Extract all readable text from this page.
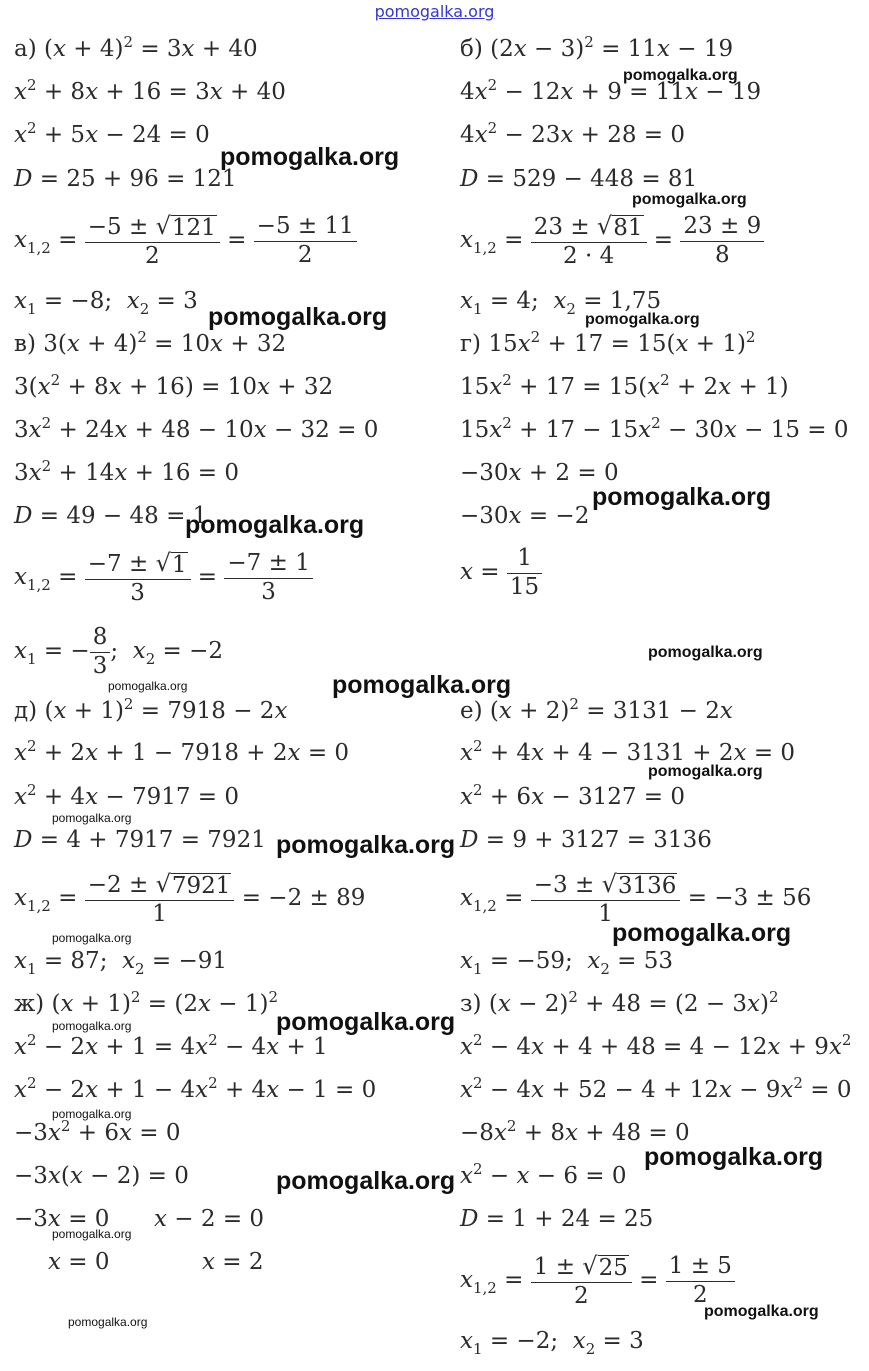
pomogalka.org
а) $(x + 4)^2 = 3x + 40$
$x^2 + 8x + 16 = 3x + 40$
$x^2 + 5x - 24 = 0$
D = 25 + 96 = 121
$x_{1,2} = \frac{-5 \pm √ 121}{2} = \frac{-5 \pm 11}{2}$
$x_1 = -8$;  $x_2 = 3$
б) $(2x - 3)^2 = 11x - 19$
$4x^2 - 12x + 9 = 11x - 19$
$4x^2 - 23x + 28 = 0$
D = 529 − 448 = 81
$x_{1,2} = \frac{23 \pm √ 81}{2 \cdot 4} = \frac{23 \pm 9}{8}$
$x_1 = 4$;  $x_2 = 1,75$
в) $3(x + 4)^2 = 10x + 32$
$3(x^2 + 8x + 16) = 10x + 32$
$3x^2 + 24x + 48 - 10x - 32 = 0$
$3x^2 + 14x + 16 = 0$
D = 49 − 48 = 1
$x_{1,2} = \frac{-7 \pm √ 1}{3} = \frac{-7 \pm 1}{3}$
$x_1$ = − $\frac{8}{3}$ ;  $x_2 = -2$
г) $15x^2 + 17 = 15(x + 1)^2$
$15x^2 + 17 = 15(x^2 + 2x + 1)$
$15x^2 + 17 - 15x^2 - 30x - 15 = 0$
−30x + 2 = 0
−30x = −2
$x = \frac{1}{15}$
д) $(x + 1)^2 = 7918 - 2x$
$x^2 + 2x + 1 - 7918 + 2x = 0$
$x^2 + 4x - 7917 = 0$
D = 4 + 7917 = 7921
$x_{1,2} = \frac{-2 \pm √ 7921}{1} = -2 \pm 89$
$x_1 = 87$;  $x_2 = -91$
е) $(x + 2)^2 = 3131 - 2x$
$x^2 + 4x + 4 - 3131 + 2x = 0$
$x^2 + 6x - 3127 = 0$
D = 9 + 3127 = 3136
$x_{1,2} = \frac{-3 \pm √ 3136}{1} = -3 \pm 56$
$x_1 = -59$;  $x_2 = 53$
ж) $(x + 1)^2 = (2x - 1)^2$
$x^2 - 2x + 1 = 4x^2 - 4x + 1$
$x^2 - 2x + 1 - 4x^2 + 4x - 1 = 0$
$-3x^2 + 6x = 0$
−3x(x − 2) = 0
−3x = 0 x − 2 = 0
x = 0	x = 2
з) $(x - 2)^2 + 48 = (2 - 3x)^2$
$x^2 - 4x + 4 + 48 = 4 - 12x + 9x^2$
$x^2 - 4x + 52 - 4 + 12x - 9x^2 = 0$
$-8x^2 + 8x + 48 = 0$
$x^2 - x - 6 = 0$
D = 1 + 24 = 25
$x_{1,2} = \frac{1 \pm √ 25}{2} = \frac{1 \pm 5}{2}$
$x_1 = -2$;  $x_2 = 3$
pomogalka.org
pomogalka.org
pomogalka.org
pomogalka.org	pomogalka.org
pomogalka.org
pomogalka.org
pomogalka.org
pomogalka.org	pomogalka.org
pomogalka.org
pomogalka.org
pomogalka.org
pomogalka.org
pomogalka.org
pomogalka.org
pomogalka.org
pomogalka.org
pomogalka.org
pomogalka.org
pomogalka.org
pomogalka.org
pomogalka.org
